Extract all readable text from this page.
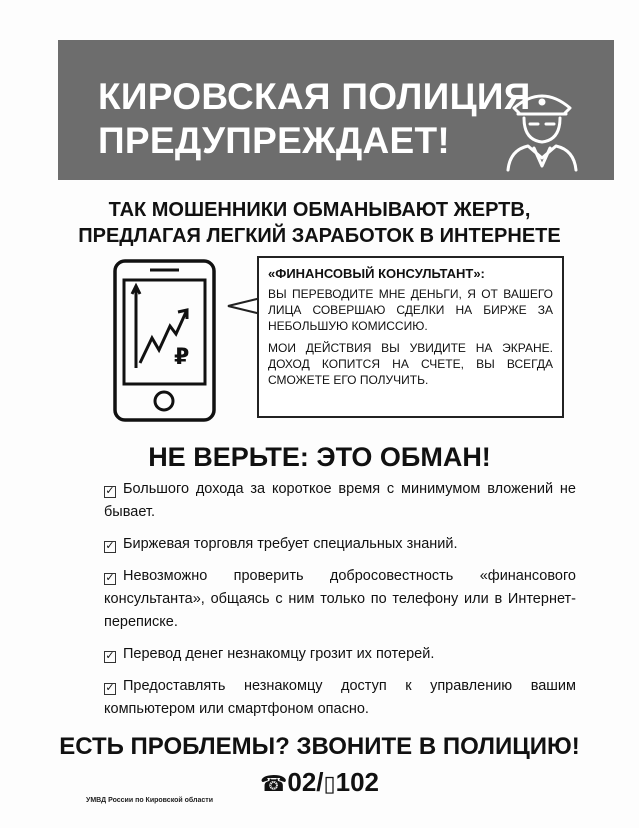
КИРОВСКАЯ ПОЛИЦИЯ
ПРЕДУПРЕЖДАЕТ!
ТАК МОШЕННИКИ ОБМАНЫВАЮТ ЖЕРТВ,
ПРЕДЛАГАЯ ЛЕГКИЙ ЗАРАБОТОК В ИНТЕРНЕТЕ
₽
«ФИНАНСОВЫЙ КОНСУЛЬТАНТ»:

ВЫ ПЕРЕВОДИТЕ МНЕ ДЕНЬГИ, Я ОТ ВАШЕГО ЛИЦА СОВЕРШАЮ СДЕЛКИ НА БИРЖЕ ЗА НЕБОЛЬШУЮ КОМИССИЮ.

МОИ ДЕЙСТВИЯ ВЫ УВИДИТЕ НА ЭКРАНЕ. ДОХОД КОПИТСЯ НА СЧЕТЕ, ВЫ ВСЕГДА СМОЖЕТЕ ЕГО ПОЛУЧИТЬ.

НЕ ВЕРЬТЕ: ЭТО ОБМАН!
✓ Большого дохода за короткое время с минимумом вложений не бывает.
✓ Биржевая торговля требует специальных знаний.
✓ Невозможно проверить добросовестность «финансового консультанта», общаясь с ним только по телефону или в Интернет-переписке.
✓ Перевод денег незнакомцу грозит их потерей.
✓ Предоставлять незнакомцу доступ к управлению вашим компьютером или смартфоном опасно.
ЕСТЬ ПРОБЛЕМЫ? ЗВОНИТЕ В ПОЛИЦИЮ!
☎02/▯102
УМВД России по Кировской области
